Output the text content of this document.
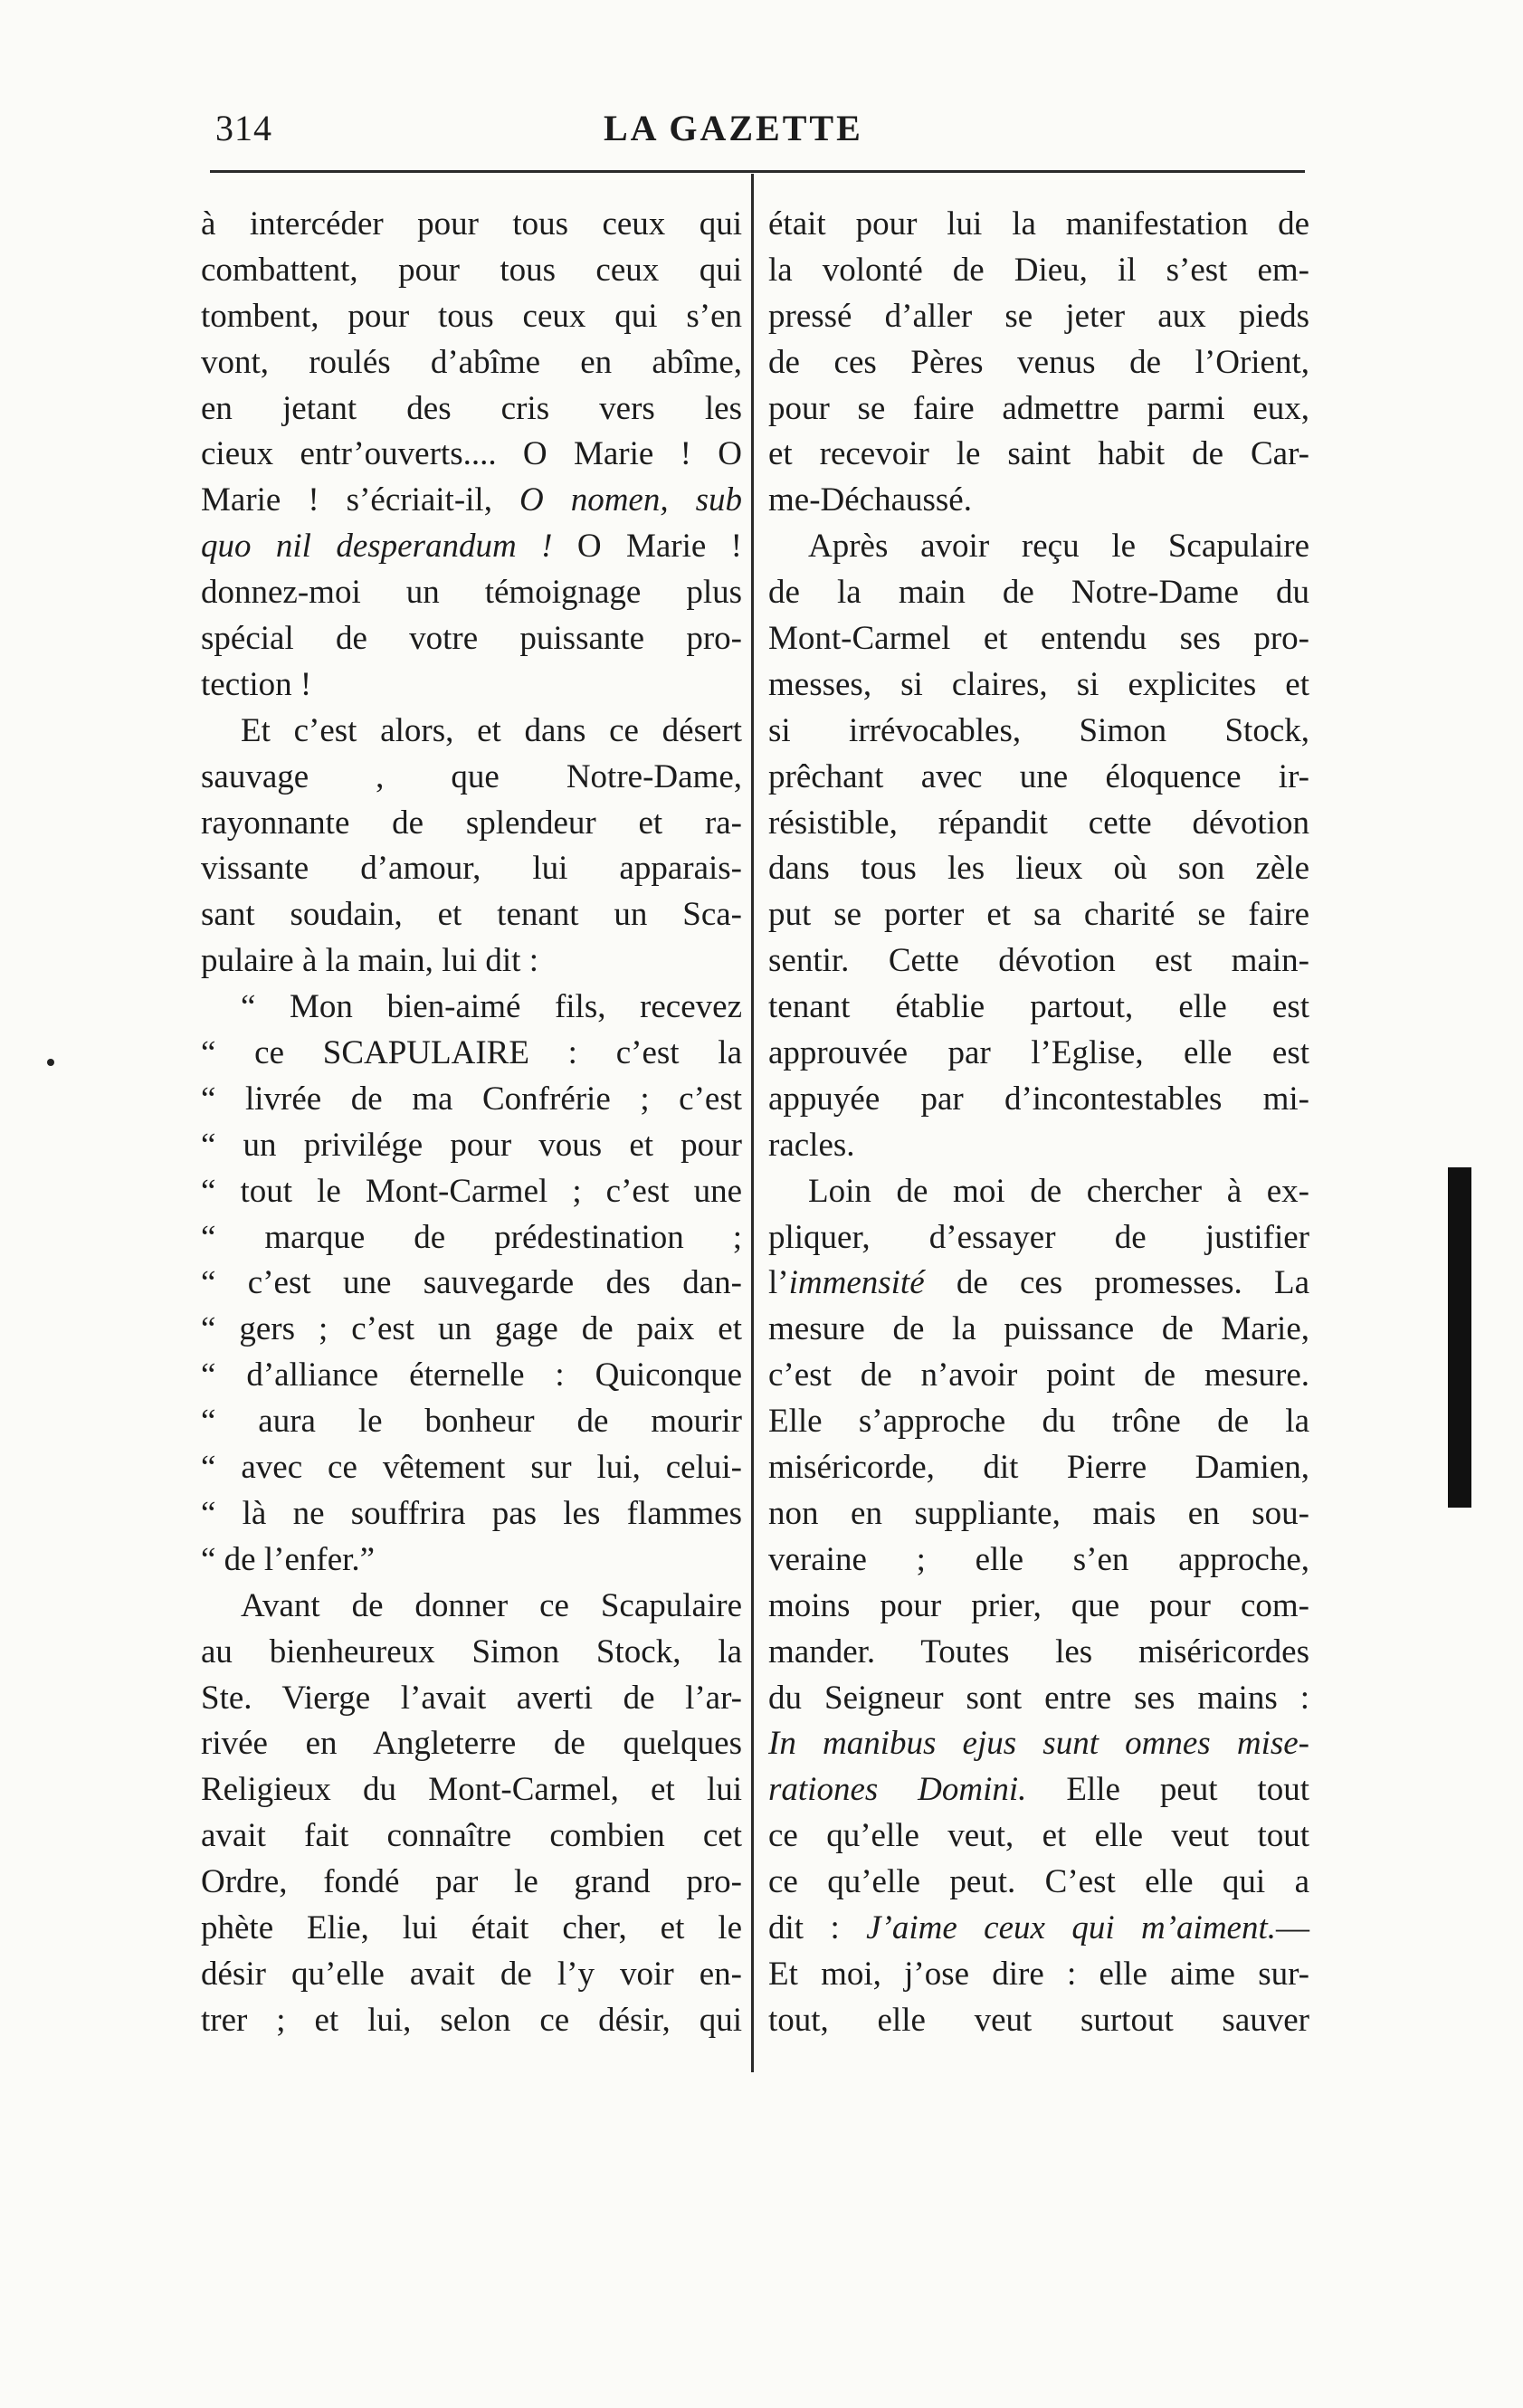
314	LA GAZETTE
à intercéder pour tous ceux qui
combattent, pour tous ceux qui
tombent, pour tous ceux qui s’en
vont, roulés d’abîme en abîme,
en jetant des cris vers les
cieux entr’ouverts.... O Marie ! O
Marie ! s’écriait-il, O nomen, sub
quo nil desperandum ! O Marie !
donnez-moi un témoignage plus
spécial de votre puissante pro-
tection !
Et c’est alors, et dans ce désert
sauvage , que Notre-Dame,
rayonnante de splendeur et ra-
vissante d’amour, lui apparais-
sant soudain, et tenant un Sca-
pulaire à la main, lui dit :
“ Mon bien-aimé fils, recevez
“ ce SCAPULAIRE : c’est la
“ livrée de ma Confrérie ; c’est
“ un privilége pour vous et pour
“ tout le Mont-Carmel ; c’est une
“ marque de prédestination ;
“ c’est une sauvegarde des dan-
“ gers ; c’est un gage de paix et
“ d’alliance éternelle : Quiconque
“ aura le bonheur de mourir
“ avec ce vêtement sur lui, celui-
“ là ne souffrira pas les flammes
“ de l’enfer.”
Avant de donner ce Scapulaire
au bienheureux Simon Stock, la
Ste. Vierge l’avait averti de l’ar-
rivée en Angleterre de quelques
Religieux du Mont-Carmel, et lui
avait fait connaître combien cet
Ordre, fondé par le grand pro-
phète Elie, lui était cher, et le
désir qu’elle avait de l’y voir en-
trer ; et lui, selon ce désir, qui
était pour lui la manifestation de
la volonté de Dieu, il s’est em-
pressé d’aller se jeter aux pieds
de ces Pères venus de l’Orient,
pour se faire admettre parmi eux,
et recevoir le saint habit de Car-
me-Déchaussé.
Après avoir reçu le Scapulaire
de la main de Notre-Dame du
Mont-Carmel et entendu ses pro-
messes, si claires, si explicites et
si irrévocables, Simon Stock,
prêchant avec une éloquence ir-
résistible, répandit cette dévotion
dans tous les lieux où son zèle
put se porter et sa charité se faire
sentir. Cette dévotion est main-
tenant établie partout, elle est
approuvée par l’Eglise, elle est
appuyée par d’incontestables mi-
racles.
Loin de moi de chercher à ex-
pliquer, d’essayer de justifier
l’immensité de ces promesses. La
mesure de la puissance de Marie,
c’est de n’avoir point de mesure.
Elle s’approche du trône de la
miséricorde, dit Pierre Damien,
non en suppliante, mais en sou-
veraine ; elle s’en approche,
moins pour prier, que pour com-
mander. Toutes les miséricordes
du Seigneur sont entre ses mains :
In manibus ejus sunt omnes mise-
rationes Domini. Elle peut tout
ce qu’elle veut, et elle veut tout
ce qu’elle peut. C’est elle qui a
dit : J’aime ceux qui m’aiment.—
Et moi, j’ose dire : elle aime sur-
tout, elle veut surtout sauver
